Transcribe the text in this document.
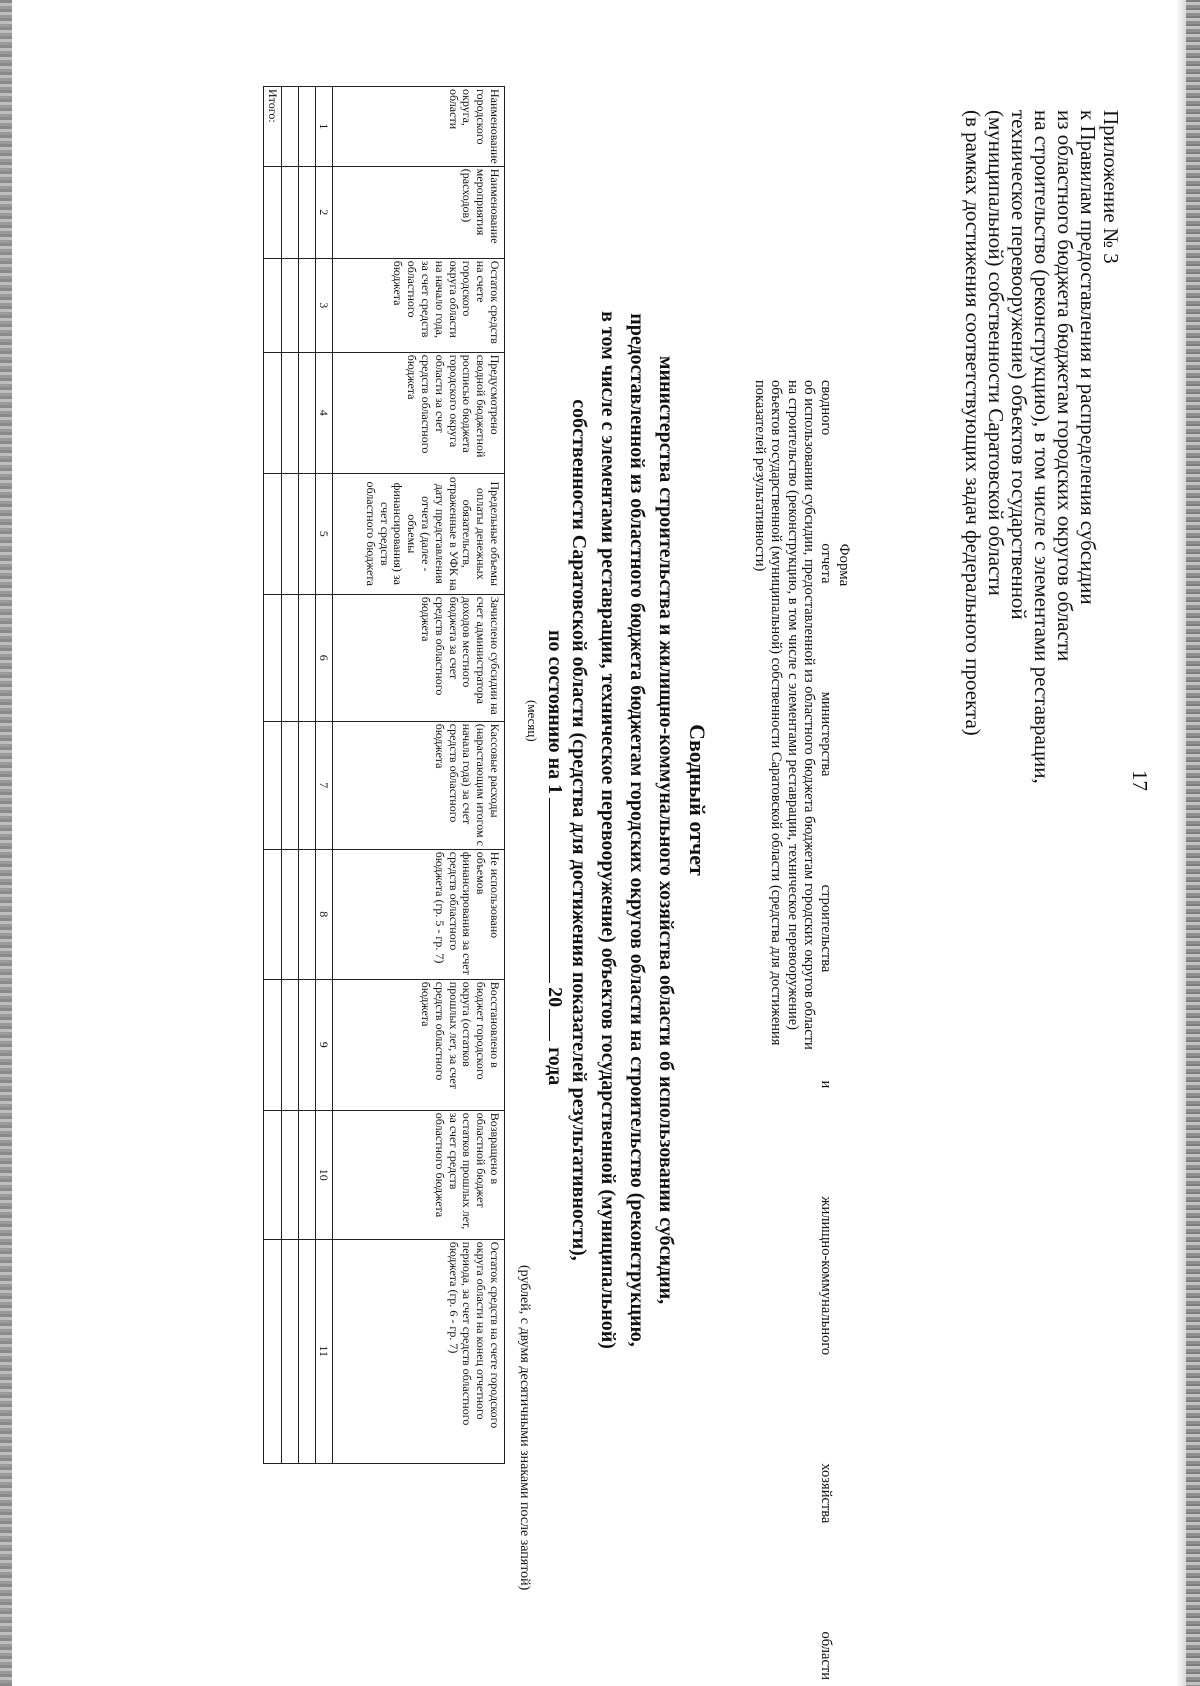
17
Приложение № 3
к Правилам предоставления и распределения субсидии
из областного бюджета бюджетам городских округов области
на строительство (реконструкцию), в том числе с элементами реставрации,
техническое перевооружение) объектов государственной
(муниципальной) собственности Саратовской области
(в рамках достижения соответствующих задач федерального проекта)
Форма
сводного отчета министерства строительства и жилищно-коммунального хозяйства области
об использовании субсидии, предоставленной из областного бюджета бюджетам городских округов области
на строительство (реконструкцию, в том числе с элементами реставрации, техническое перевооружение)
объектов государственной (муниципальной) собственности Саратовской области (средства для достижения
показателей результативности)
Сводный отчет
министерства строительства и жилищно-коммунального хозяйства области об использовании субсидии,
предоставленной из областного бюджета бюджетам городских округов области на строительство (реконструкцию,
в том числе с элементами реставрации, техническое перевооружение) объектов государственной (муниципальной)
собственности Саратовской области (средства для достижения показателей результативности),
по состоянию на 120года
(месяц)
(рублей, с двумя десятичными знаками после запятой)
Наименование городского округа, области	Наименование мероприятия (расходов)	Остаток средств на счете городского округа области на начало года, за счет средств областного бюджета	Предусмотрено сводной бюджетной росписью бюджета городского округа области за счет средств областного бюджета	Предельные объемы оплаты денежных обязательств, отраженные в УФК на дату представления отчета (далее - объемы финансирования) за счет средств областного бюджета	Зачислено субсидии на счет администратора доходов местного бюджета за счет средств областного бюджета	Кассовые расходы (нарастающим итогом с начала года) за счет средств областного бюджета	Не использовано объемов финансирования за счет средств областного бюджета (гр. 5 - гр. 7)	Восстановлено в бюджет городского округа (остатков прошлых лет, за счет средств областного бюджета	Возвращено в областной бюджет остатков прошлых лет, за счет средств областного бюджета	Остаток средств на счете городского округа области на конец отчетного периода, за счет средств областного бюджета (гр. 6 - гр. 7)
1	2	3	4	5	6	7	8	9	10	11

Итого:										
